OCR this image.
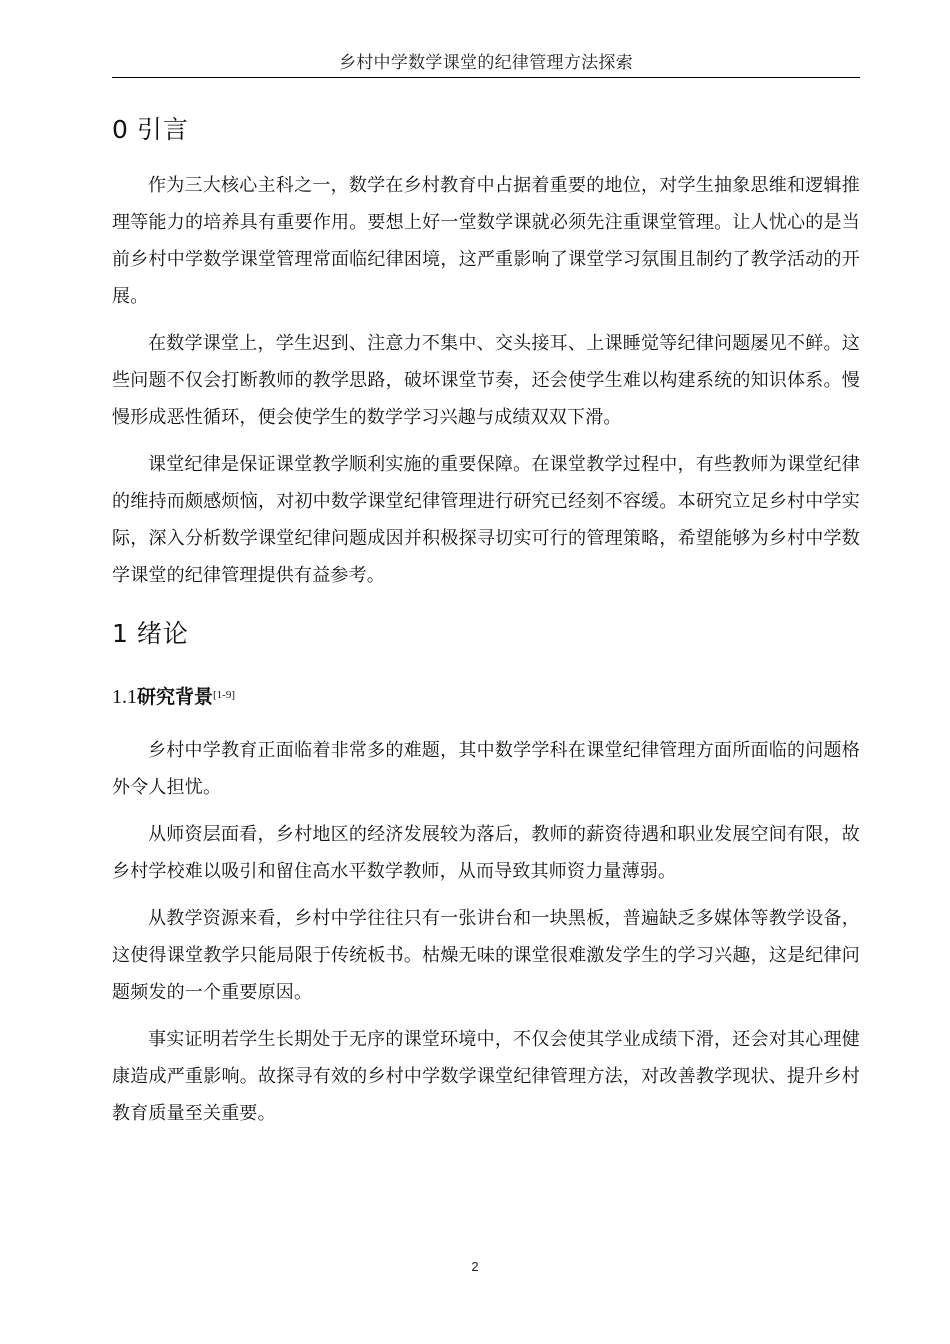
乡村中学数学课堂的纪律管理方法探索
0 引言

作为三大核心主科之一，数学在乡村教育中占据着重要的地位，对学生抽象思维和逻辑推理等能力的培养具有重要作用。要想上好一堂数学课就必须先注重课堂管理。让人忧心的是当前乡村中学数学课堂管理常面临纪律困境，这严重影响了课堂学习氛围且制约了教学活动的开展。

在数学课堂上，学生迟到、注意力不集中、交头接耳、上课睡觉等纪律问题屡见不鲜。这些问题不仅会打断教师的教学思路，破坏课堂节奏，还会使学生难以构建系统的知识体系。慢慢形成恶性循环，便会使学生的数学学习兴趣与成绩双双下滑。

课堂纪律是保证课堂教学顺利实施的重要保障。在课堂教学过程中，有些教师为课堂纪律的维持而颇感烦恼，对初中数学课堂纪律管理进行研究已经刻不容缓。本研究立足乡村中学实际，深入分析数学课堂纪律问题成因并积极探寻切实可行的管理策略，希望能够为乡村中学数学课堂的纪律管理提供有益参考。

1 绪论
1.1研究背景[1-9]

乡村中学教育正面临着非常多的难题，其中数学学科在课堂纪律管理方面所面临的问题格外令人担忧。

从师资层面看，乡村地区的经济发展较为落后，教师的薪资待遇和职业发展空间有限，故乡村学校难以吸引和留住高水平数学教师，从而导致其师资力量薄弱。

从教学资源来看，乡村中学往往只有一张讲台和一块黑板，普遍缺乏多媒体等教学设备，这使得课堂教学只能局限于传统板书。枯燥无味的课堂很难激发学生的学习兴趣，这是纪律问题频发的一个重要原因。

事实证明若学生长期处于无序的课堂环境中，不仅会使其学业成绩下滑，还会对其心理健康造成严重影响。故探寻有效的乡村中学数学课堂纪律管理方法，对改善教学现状、提升乡村教育质量至关重要。

2
